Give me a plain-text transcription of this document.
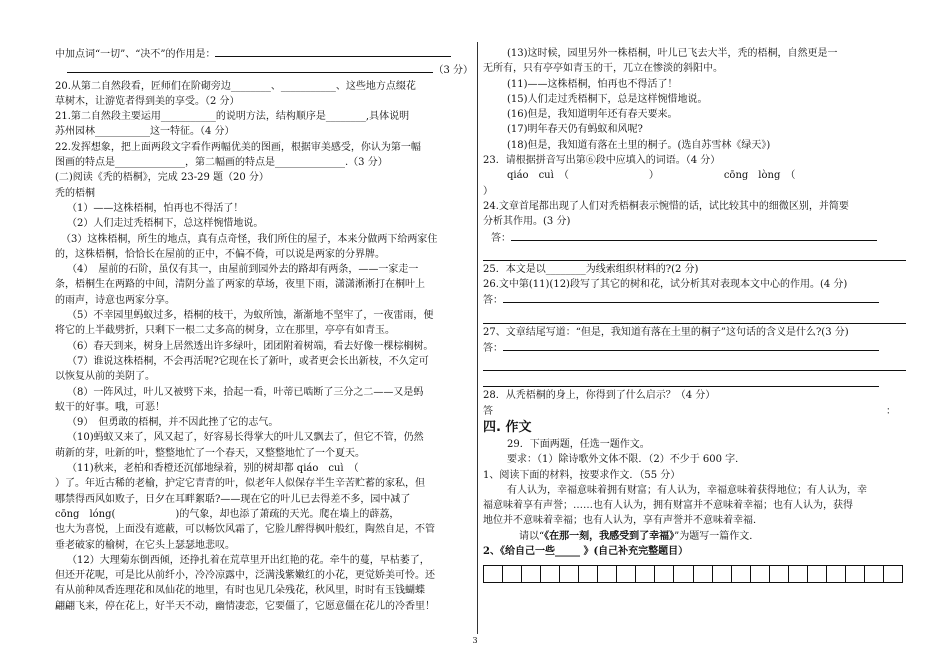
中加点词“一切”、“决不”的作用是：
（3 分）
20.从第二自然段看，匠师们在阶砌旁边________、___________、这些地方点缀花
草树木，让游览者得到美的享受。（2 分）
21.第二自然段主要运用___________的说明方法，结构顺序是________,具体说明
苏州园林___________这一特征。（4 分）
22.发挥想象，把上面两段文字看作两幅优美的图画，根据审美感受，你认为第一幅
图画的特点是______________，第二幅画的特点是______________.（3 分）
(二)阅读《秃的梧桐》，完成 23-29 题（20 分）
秃的梧桐
（1）——这株梧桐，怕再也不得活了！
（2）人们走过秃梧桐下，总这样惋惜地说。
（3）这株梧桐，所生的地点，真有点奇怪，我们所住的屋子，本来分做两下给两家住
的，这株梧桐，恰恰长在屋前的正中，不偏不倚，可以说是两家的分界牌。
（4）　屋前的石阶，虽仅有其一，由屋前到园外去的路却有两条，——一家走一
条，梧桐生在两路的中间，清阴分盖了两家的草场，夜里下雨，潇潇淅淅打在桐叶上
的雨声，诗意也两家分享。
（5）不幸园里蚂蚁过多，梧桐的枝干，为蚁所蚀，渐渐地不坚牢了，一夜雷雨，便
将它的上半截劈折，只剩下一根二丈多高的树身，立在那里，亭亭有如青玉。
（6）春天到来，树身上居然透出许多绿叶，团团附着树端，看去好像一棵棕榈树。
（7）谁说这株梧桐，不会再活呢?它现在长了新叶，或者更会长出新枝，不久定可
以恢复从前的美阴了。
（8）一阵风过，叶儿又被劈下来，拾起一看，叶蒂已啮断了三分之二——又是蚂
蚁干的好事。哦，可恶！
（9）　但勇敢的梧桐，并不因此挫了它的志气。
（10)蚂蚁又来了，风又起了，好容易长得掌大的叶儿又飘去了，但它不管，仍然
萌新的芽，吐新的叶，整整地忙了一个春天，又整整地忙了一个夏天。
（11)秋来，老柏和香橙还沉郁地绿着，别的树却都 qiáo　cuì　（
）了。年近古稀的老榆，护定它青青的叶，似老年人似保存半生辛苦贮蓄的家私，但
哪禁得西风如败子，日夕在耳畔絮聒?——现在它的叶儿已去得差不多，园中减了
cōng　lóng(　　　　　　)的气象，却也添了萧疏的天光。爬在墙上的薜荔，
也大为喜悦，上面没有遮蔽，可以畅饮风霜了，它脸儿醉得枫叶般红，陶然自足，不管
垂老破家的榆树，在它头上瑟瑟地悲叹。
（12）大理菊东倒西倾，还挣扎着在荒草里开出红艳的花。牵牛的蔓，早枯萎了，
但还开花呢，可是比从前纤小，冷冷凉露中，泛满浅紫嫩红的小花，更觉娇美可怜。还
有从前种凤香连理花和凤仙花的地里，有时也见几朵残花，秋风里，时时有玉钱蝴蝶
翩翩飞来，停在花上，好半天不动，幽情凄恋，它要僵了，它愿意僵在花儿的冷香里！
(13)这时候，园里另外一株梧桐，叶儿已飞去大半，秃的梧桐，自然更是一
无所有，只有亭亭如青玉的干，兀立在惨淡的斜阳中。
(11)——这株梧桐，怕再也不得活了！
(15)人们走过秃梧桐下，总是这样惋惜地说。
(16)但是，我知道明年还有春天要来。
(17)明年春天仍有蚂蚁和风呢?
(18)但是，我知道有落在土里的桐子。(选自苏雪林《绿天》)
23．请根据拼音写出第⑥段中应填入的词语。（4 分）
qiáo　cuì　（　　　　　　　　）　　　　　　　cōng　lòng　（
）
24.文章首尾都出现了人们对秃梧桐表示惋惜的话，试比较其中的细微区别，并简要
分析其作用。(3 分)
答：
25．本文是以________为线索组织材料的?(2 分)
26.文中第(11)(12)段写了其它的树和花，试分析其对表现本文中心的作用。(4 分)
答：
27、文章结尾写道：“但是，我知道有落在土里的桐子”这句话的含义是什么?(3 分)
答：
28．从秃梧桐的身上，你得到了什么启示？（4 分）
答	：
四. 作文
29．下面两题，任选一题作文。
要求：（1）除诗歌外文体不限．（2）不少于 600 字．
1、阅读下面的材料，按要求作文．（55 分）
有人认为，幸福意味着拥有财富；有人认为，幸福意味着获得地位；有人认为，幸
福意味着享有声誉；……也有人认为，拥有财富并不意味着幸福；也有人认为，获得
地位并不意味着幸福；也有人认为，享有声誉并不意味着幸福．
请以“《在那一刻，我感受到了幸福》”为题写一篇作文．
2、《给自己一些_____ 》(自己补充完整题目）
3
